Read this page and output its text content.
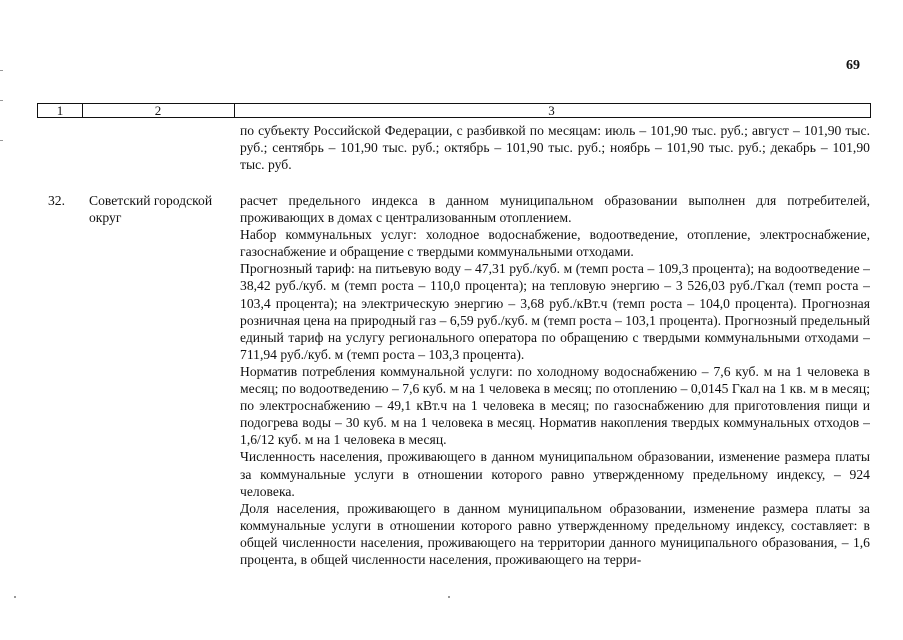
69
1	2	3

по субъекту Российской Федерации, с разбивкой по месяцам: июль – 101,90 тыс. руб.; август – 101,90 тыс. руб.; сентябрь – 101,90 тыс. руб.; октябрь – 101,90 тыс. руб.; ноябрь – 101,90 тыс. руб.; декабрь – 101,90 тыс. руб.

32. Советский городской округ

расчет предельного индекса в данном муниципальном образовании выполнен для потребителей, проживающих в домах с централизованным отоплением.

Набор коммунальных услуг: холодное водоснабжение, водоотведение, отопление, электроснабжение, газоснабжение и обращение с твердыми коммунальными отходами.

Прогнозный тариф: на питьевую воду – 47,31 руб./куб. м (темп роста – 109,3 процента); на водоотведение – 38,42 руб./куб. м (темп роста – 110,0 процента); на тепловую энергию – 3 526,03 руб./Гкал (темп роста – 103,4 процента); на электрическую энергию – 3,68 руб./кВт.ч (темп роста – 104,0 процента). Прогнозная розничная цена на природный газ – 6,59 руб./куб. м (темп роста – 103,1 процента). Прогнозный предельный единый тариф на услугу регионального оператора по обращению с твердыми коммунальными отходами – 711,94 руб./куб. м (темп роста – 103,3 процента).

Норматив потребления коммунальной услуги: по холодному водоснабжению – 7,6 куб. м на 1 человека в месяц; по водоотведению – 7,6 куб. м на 1 человека в месяц; по отоплению – 0,0145 Гкал на 1 кв. м в месяц; по электроснабжению – 49,1 кВт.ч на 1 человека в месяц; по газоснабжению для приготовления пищи и подогрева воды – 30 куб. м на 1 человека в месяц. Норматив накопления твердых коммунальных отходов – 1,6/12 куб. м на 1 человека в месяц.

Численность населения, проживающего в данном муниципальном образовании, изменение размера платы за коммунальные услуги в отношении которого равно утвержденному предельному индексу, – 924 человека.

Доля населения, проживающего в данном муниципальном образовании, изменение размера платы за коммунальные услуги в отношении которого равно утвержденному предельному индексу, составляет: в общей численности населения, проживающего на территории данного муниципального образования, – 1,6 процента, в общей численности населения, проживающего на терри-
